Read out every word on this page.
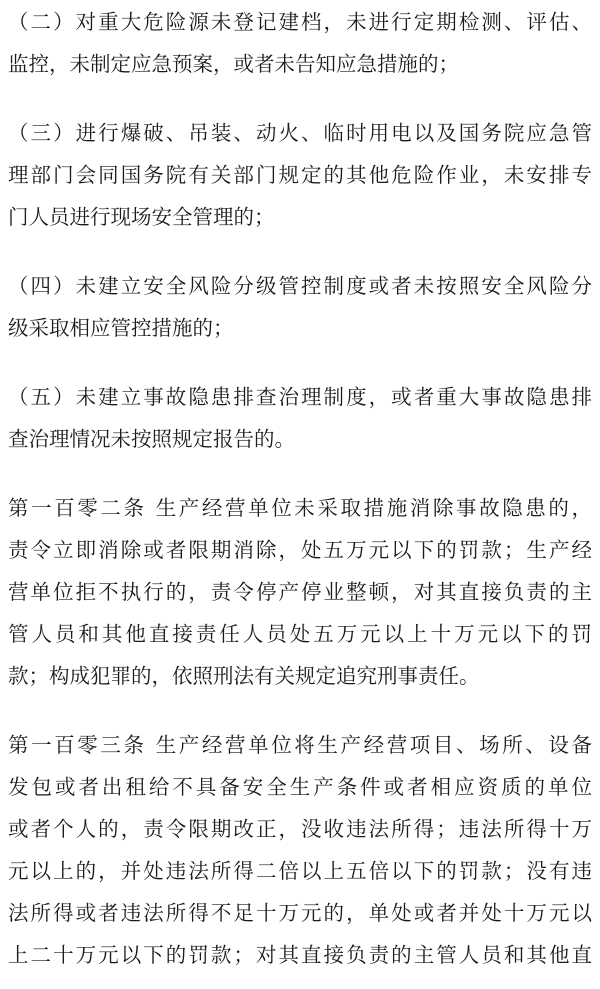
（二）对重大危险源未登记建档，未进行定期检测、评估、
监控，未制定应急预案，或者未告知应急措施的；
（三）进行爆破、吊装、动火、临时用电以及国务院应急管
理部门会同国务院有关部门规定的其他危险作业，未安排专
门人员进行现场安全管理的；
（四）未建立安全风险分级管控制度或者未按照安全风险分
级采取相应管控措施的；
（五）未建立事故隐患排查治理制度，或者重大事故隐患排
查治理情况未按照规定报告的。
第一百零二条 生产经营单位未采取措施消除事故隐患的，
责令立即消除或者限期消除，处五万元以下的罚款；生产经
营单位拒不执行的，责令停产停业整顿，对其直接负责的主
管人员和其他直接责任人员处五万元以上十万元以下的罚
款；构成犯罪的，依照刑法有关规定追究刑事责任。
第一百零三条 生产经营单位将生产经营项目、场所、设备
发包或者出租给不具备安全生产条件或者相应资质的单位
或者个人的，责令限期改正，没收违法所得；违法所得十万
元以上的，并处违法所得二倍以上五倍以下的罚款；没有违
法所得或者违法所得不足十万元的，单处或者并处十万元以
上二十万元以下的罚款；对其直接负责的主管人员和其他直
